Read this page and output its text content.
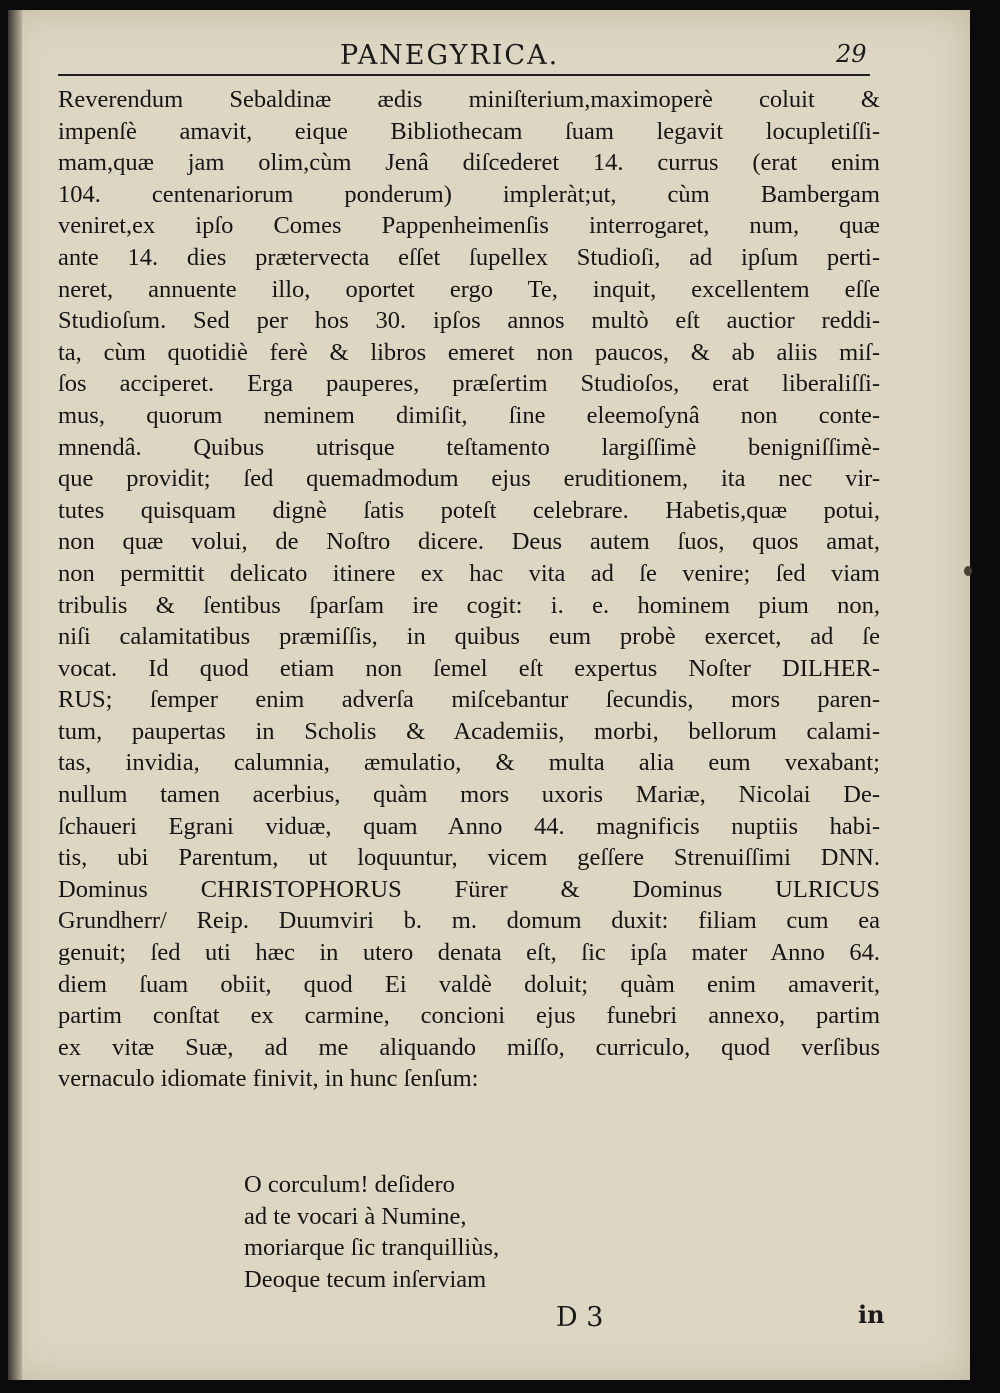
PANEGYRICA.	29
Reverendum Sebaldinæ ædis miniſterium,maximoperè coluit &
impenſè amavit, eique Bibliothecam ſuam legavit locupletiſſi-
mam,quæ jam olim,cùm Jenâ diſcederet 14. currus (erat enim
104. centenariorum ponderum) impleràt;ut, cùm Bambergam
veniret,ex ipſo Comes Pappenheimenſis interrogaret, num, quæ
ante 14. dies prætervecta eſſet ſupellex Studioſi, ad ipſum perti-
neret, annuente illo, oportet ergo Te, inquit, excellentem eſſe
Studioſum. Sed per hos 30. ipſos annos multò eſt auctior reddi-
ta, cùm quotidiè ferè & libros emeret non paucos, & ab aliis miſ-
ſos acciperet. Erga pauperes, præſertim Studioſos, erat liberaliſſi-
mus, quorum neminem dimiſit, ſine eleemoſynâ non conte-
mnendâ. Quibus utrisque teſtamento largiſſimè benigniſſimè-
que providit; ſed quemadmodum ejus eruditionem, ita nec vir-
tutes quisquam dignè ſatis poteſt celebrare. Habetis,quæ potui,
non quæ volui, de Noſtro dicere. Deus autem ſuos, quos amat,
non permittit delicato itinere ex hac vita ad ſe venire; ſed viam
tribulis & ſentibus ſparſam ire cogit: i. e. hominem pium non,
niſi calamitatibus præmiſſis, in quibus eum probè exercet, ad ſe
vocat. Id quod etiam non ſemel eſt expertus Noſter DILHER-
RUS; ſemper enim adverſa miſcebantur ſecundis, mors paren-
tum, paupertas in Scholis & Academiis, morbi, bellorum calami-
tas, invidia, calumnia, æmulatio, & multa alia eum vexabant;
nullum tamen acerbius, quàm mors uxoris Mariæ, Nicolai De-
ſchaueri Egrani viduæ, quam Anno 44. magnificis nuptiis habi-
tis, ubi Parentum, ut loquuntur, vicem geſſere Strenuiſſimi DNN.
Dominus CHRISTOPHORUS Fürer & Dominus ULRICUS
Grundherr/ Reip. Duumviri b. m. domum duxit: filiam cum ea
genuit; ſed uti hæc in utero denata eſt, ſic ipſa mater Anno 64.
diem ſuam obiit, quod Ei valdè doluit; quàm enim amaverit,
partim conſtat ex carmine, concioni ejus funebri annexo, partim
ex vitæ Suæ, ad me aliquando miſſo, curriculo, quod verſibus
vernaculo idiomate finivit, in hunc ſenſum:
O corculum! deſidero
ad te vocari à Numine,
moriarque ſic tranquilliùs,
Deoque tecum inſerviam
D 3	in
